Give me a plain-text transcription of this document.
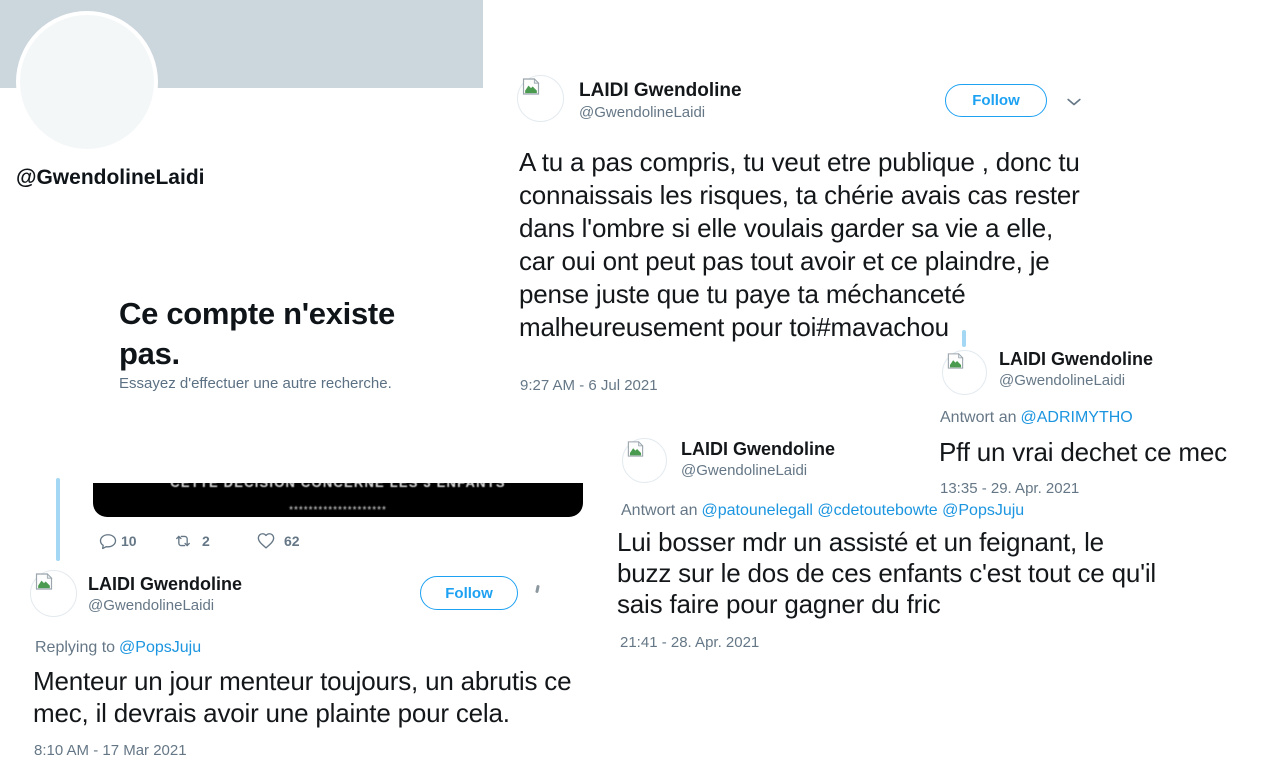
@GwendolineLaidi
Ce compte n'existe pas.
Essayez d'effectuer une autre recherche.
LAIDI Gwendoline
@GwendolineLaidi
Follow
A tu a pas compris, tu veut etre publique , donc tu connaissais les risques, ta chérie avais cas rester dans l'ombre si elle voulais garder sa vie a elle, car oui ont peut pas tout avoir et ce plaindre, je pense juste que tu paye ta méchanceté malheureusement pour toi#mavachou
9:27 AM - 6 Jul 2021
LAIDI Gwendoline
@GwendolineLaidi
Antwort an @ADRIMYTHO
Pff un vrai dechet ce mec
13:35 - 29. Apr. 2021
LAIDI Gwendoline
@GwendolineLaidi
Antwort an @patounelegall @cdetoutebowte @PopsJuju
Lui bosser mdr un assisté et un feignant, le buzz sur le dos de ces enfants c'est tout ce qu'il sais faire pour gagner du fric
21:41 - 28. Apr. 2021
CETTE DECISION CONCERNE LES 3 ENFANTS
********************
10	2	62
LAIDI Gwendoline
@GwendolineLaidi
Follow
Replying to @PopsJuju
Menteur un jour menteur toujours, un abrutis ce mec, il devrais avoir une plainte pour cela.
8:10 AM - 17 Mar 2021
